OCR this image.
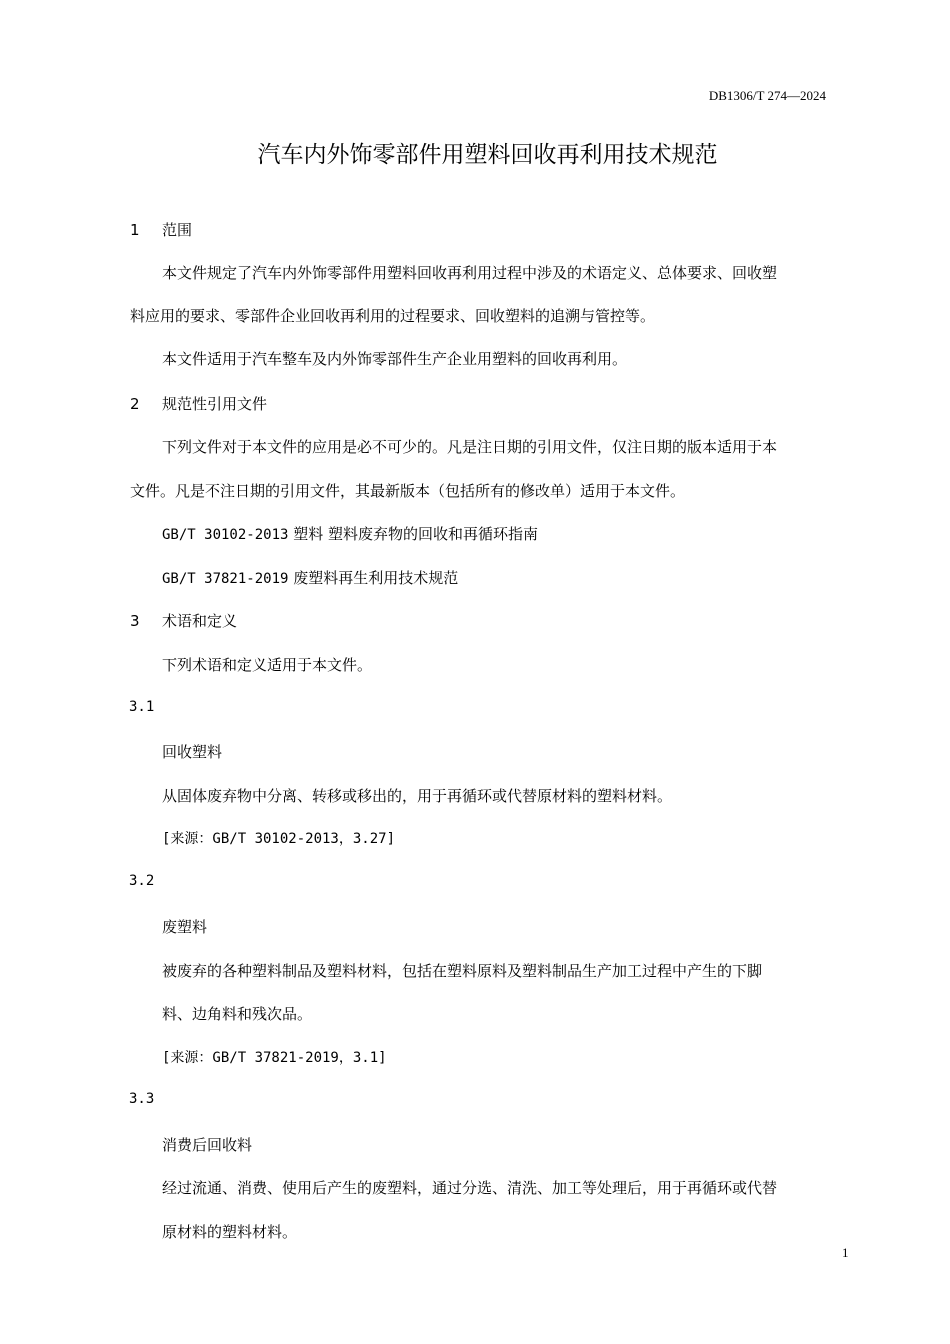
DB1306/T 274—2024
汽车内外饰零部件用塑料回收再利用技术规范
1 范围
本文件规定了汽车内外饰零部件用塑料回收再利用过程中涉及的术语定义、总体要求、回收塑
料应用的要求、零部件企业回收再利用的过程要求、回收塑料的追溯与管控等。
本文件适用于汽车整车及内外饰零部件生产企业用塑料的回收再利用。
2 规范性引用文件
下列文件对于本文件的应用是必不可少的。凡是注日期的引用文件，仅注日期的版本适用于本
文件。凡是不注日期的引用文件，其最新版本（包括所有的修改单）适用于本文件。
GB/T 30102-2013 塑料 塑料废弃物的回收和再循环指南
GB/T 37821-2019 废塑料再生利用技术规范
3 术语和定义
下列术语和定义适用于本文件。
3.1
回收塑料
从固体废弃物中分离、转移或移出的，用于再循环或代替原材料的塑料材料。
[来源：GB/T 30102-2013，3.27]
3.2
废塑料
被废弃的各种塑料制品及塑料材料，包括在塑料原料及塑料制品生产加工过程中产生的下脚
料、边角料和残次品。
[来源：GB/T 37821-2019，3.1]
3.3
消费后回收料
经过流通、消费、使用后产生的废塑料，通过分选、清洗、加工等处理后，用于再循环或代替
原材料的塑料材料。
1
